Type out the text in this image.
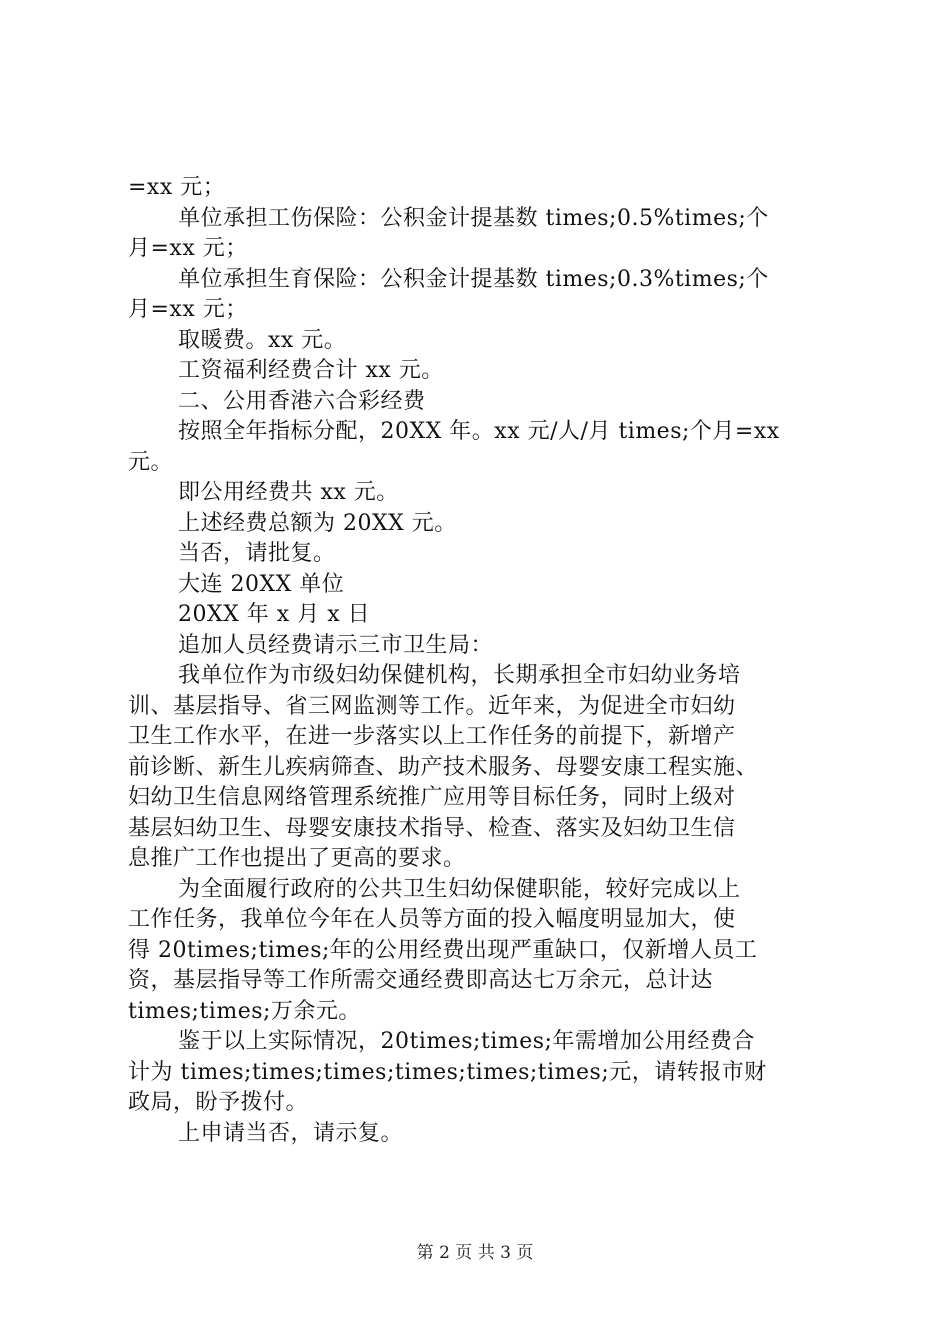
=xx 元；
单位承担工伤保险：公积金计提基数 times;0.5%times;个
月=xx 元；
单位承担生育保险：公积金计提基数 times;0.3%times;个
月=xx 元；
取暖费。xx 元。
工资福利经费合计 xx 元。
二、公用香港六合彩经费
按照全年指标分配，20XX 年。xx 元/人/月 times;个月=xx
元。
即公用经费共 xx 元。
上述经费总额为 20XX 元。
当否，请批复。
大连 20XX 单位
20XX 年 x 月 x 日
追加人员经费请示三市卫生局：
我单位作为市级妇幼保健机构，长期承担全市妇幼业务培
训、基层指导、省三网监测等工作。近年来，为促进全市妇幼
卫生工作水平，在进一步落实以上工作任务的前提下，新增产
前诊断、新生儿疾病筛查、助产技术服务、母婴安康工程实施、
妇幼卫生信息网络管理系统推广应用等目标任务，同时上级对
基层妇幼卫生、母婴安康技术指导、检查、落实及妇幼卫生信
息推广工作也提出了更高的要求。
为全面履行政府的公共卫生妇幼保健职能，较好完成以上
工作任务，我单位今年在人员等方面的投入幅度明显加大，使
得 20times;times;年的公用经费出现严重缺口，仅新增人员工
资，基层指导等工作所需交通经费即高达七万余元，总计达
times;times;万余元。
鉴于以上实际情况，20times;times;年需增加公用经费合
计为 times;times;times;times;times;times;元，请转报市财
政局，盼予拨付。
上申请当否，请示复。
第 2 页 共 3 页
